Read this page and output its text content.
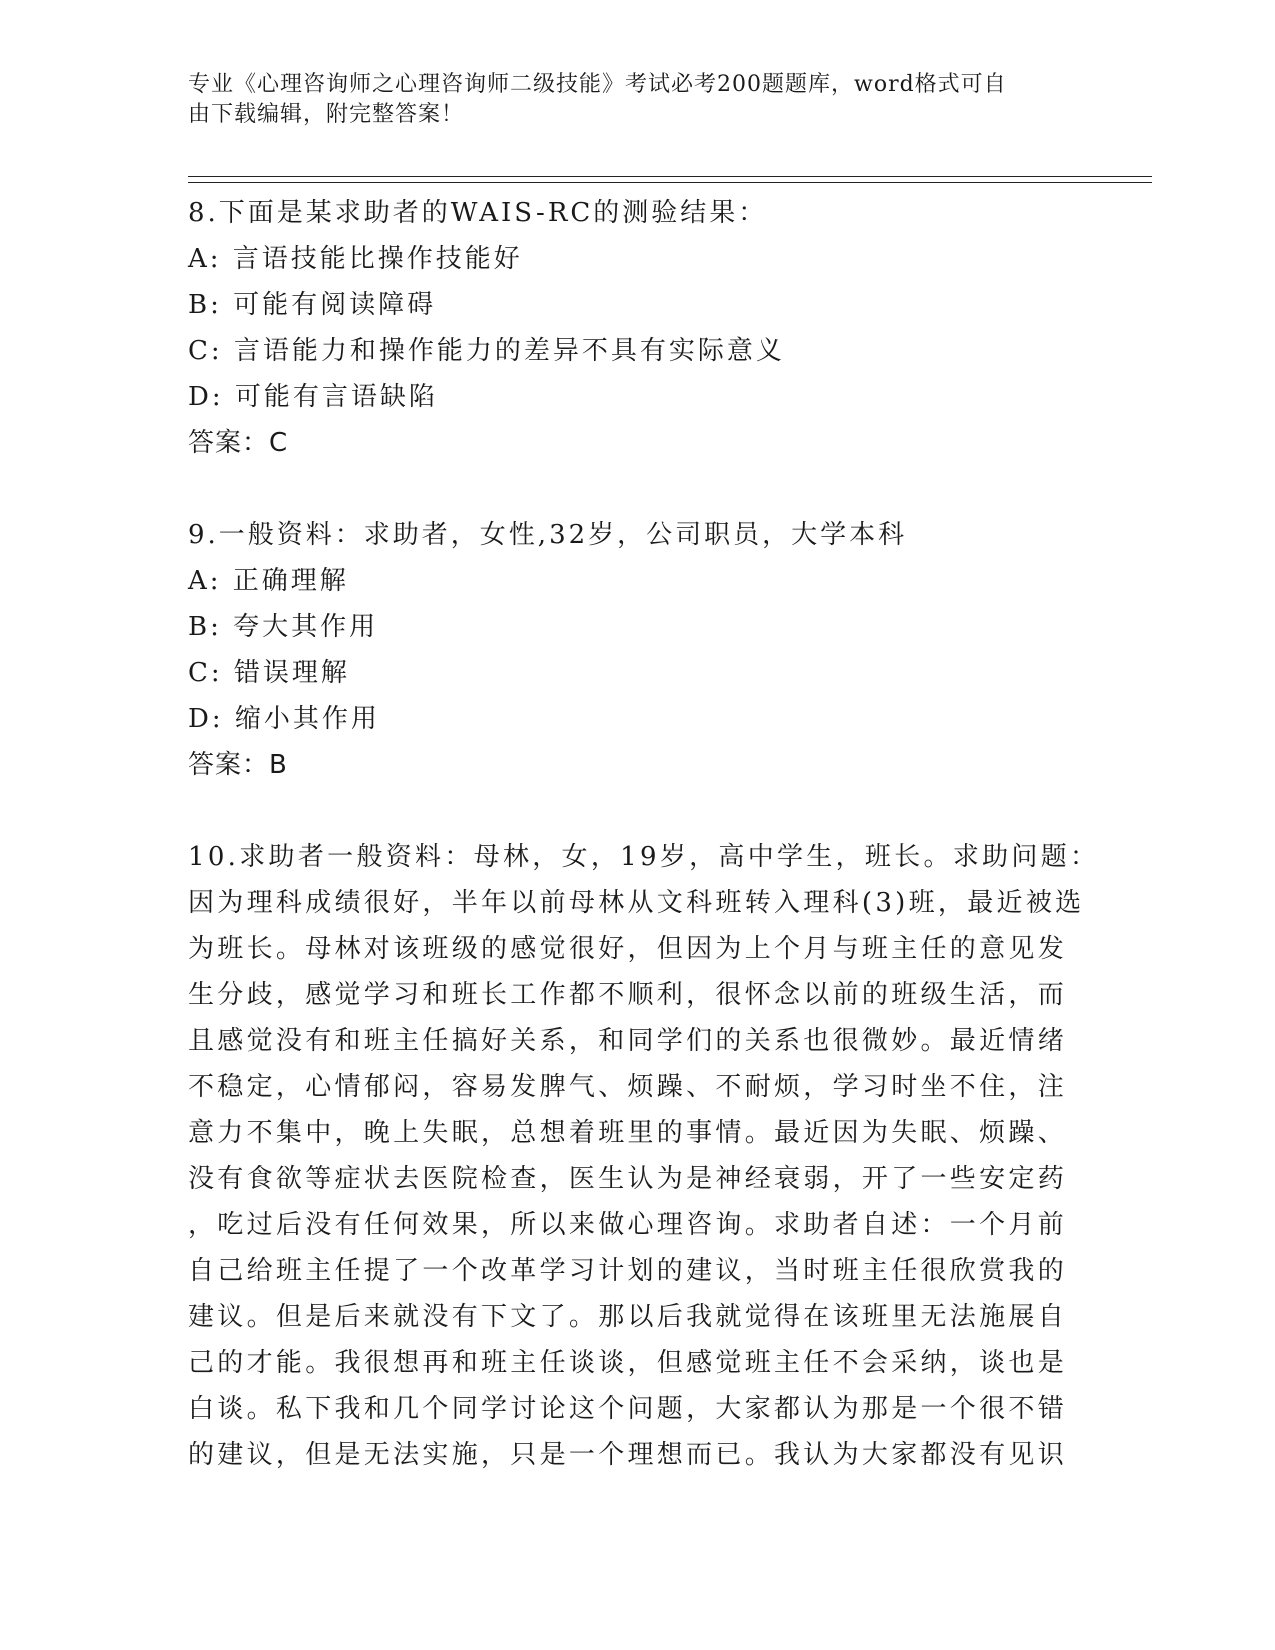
专业《心理咨询师之心理咨询师二级技能》考试必考200题题库，word格式可自
由下载编辑，附完整答案！
8.下面是某求助者的WAIS-RC的测验结果：
A: 言语技能比操作技能好
B: 可能有阅读障碍
C: 言语能力和操作能力的差异不具有实际意义
D: 可能有言语缺陷
答案：C
9.一般资料：求助者，女性,32岁，公司职员，大学本科
A: 正确理解
B: 夸大其作用
C: 错误理解
D: 缩小其作用
答案：B
10.求助者一般资料：母林，女，19岁，高中学生，班长。求助问题：
因为理科成绩很好，半年以前母林从文科班转入理科(3)班，最近被选
为班长。母林对该班级的感觉很好，但因为上个月与班主任的意见发
生分歧，感觉学习和班长工作都不顺利，很怀念以前的班级生活，而
且感觉没有和班主任搞好关系，和同学们的关系也很微妙。最近情绪
不稳定，心情郁闷，容易发脾气、烦躁、不耐烦，学习时坐不住，注
意力不集中，晚上失眠，总想着班里的事情。最近因为失眠、烦躁、
没有食欲等症状去医院检查，医生认为是神经衰弱，开了一些安定药
，吃过后没有任何效果，所以来做心理咨询。求助者自述：一个月前
自己给班主任提了一个改革学习计划的建议，当时班主任很欣赏我的
建议。但是后来就没有下文了。那以后我就觉得在该班里无法施展自
己的才能。我很想再和班主任谈谈，但感觉班主任不会采纳，谈也是
白谈。私下我和几个同学讨论这个问题，大家都认为那是一个很不错
的建议，但是无法实施，只是一个理想而已。我认为大家都没有见识
